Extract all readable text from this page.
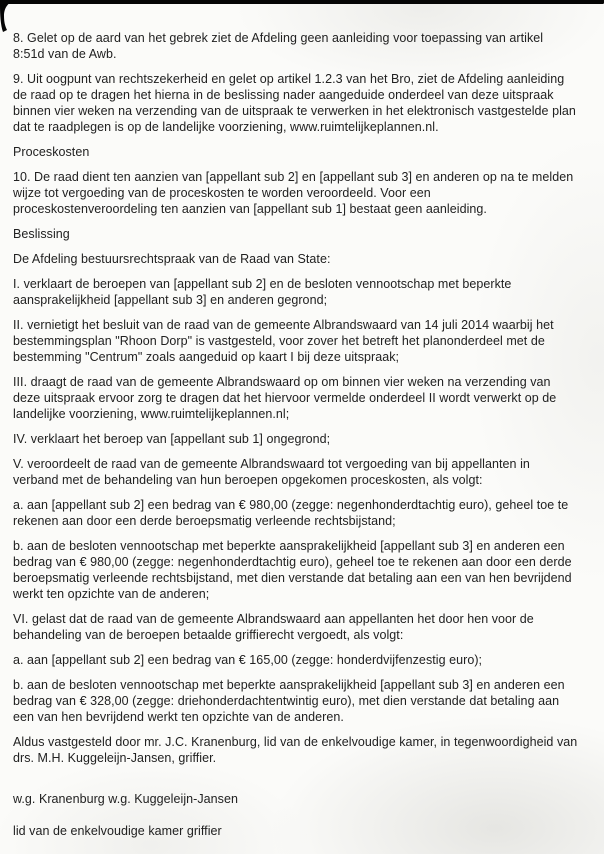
8. Gelet op de aard van het gebrek ziet de Afdeling geen aanleiding voor toepassing van artikel 8:51d van de Awb.

9. Uit oogpunt van rechtszekerheid en gelet op artikel 1.2.3 van het Bro, ziet de Afdeling aanleiding de raad op te dragen het hierna in de beslissing nader aangeduide onderdeel van deze uitspraak binnen vier weken na verzending van de uitspraak te verwerken in het elektronisch vastgestelde plan dat te raadplegen is op de landelijke voorziening, www.ruimtelijkeplannen.nl.

Proceskosten

10. De raad dient ten aanzien van [appellant sub 2] en [appellant sub 3] en anderen op na te melden wijze tot vergoeding van de proceskosten te worden veroordeeld. Voor een proceskostenveroordeling ten aanzien van [appellant sub 1] bestaat geen aanleiding.

Beslissing

De Afdeling bestuursrechtspraak van de Raad van State:

I. verklaart de beroepen van [appellant sub 2] en de besloten vennootschap met beperkte aansprakelijkheid [appellant sub 3] en anderen gegrond;

II. vernietigt het besluit van de raad van de gemeente Albrandswaard van 14 juli 2014 waarbij het bestemmingsplan "Rhoon Dorp" is vastgesteld, voor zover het betreft het planonderdeel met de bestemming "Centrum" zoals aangeduid op kaart I bij deze uitspraak;

III. draagt de raad van de gemeente Albrandswaard op om binnen vier weken na verzending van deze uitspraak ervoor zorg te dragen dat het hiervoor vermelde onderdeel II wordt verwerkt op de landelijke voorziening, www.ruimtelijkeplannen.nl;

IV. verklaart het beroep van [appellant sub 1] ongegrond;

V. veroordeelt de raad van de gemeente Albrandswaard tot vergoeding van bij appellanten in verband met de behandeling van hun beroepen opgekomen proceskosten, als volgt:

a. aan [appellant sub 2] een bedrag van € 980,00 (zegge: negenhonderdtachtig euro), geheel toe te rekenen aan door een derde beroepsmatig verleende rechtsbijstand;

b. aan de besloten vennootschap met beperkte aansprakelijkheid [appellant sub 3] en anderen een bedrag van € 980,00 (zegge: negenhonderdtachtig euro), geheel toe te rekenen aan door een derde beroepsmatig verleende rechtsbijstand, met dien verstande dat betaling aan een van hen bevrijdend werkt ten opzichte van de anderen;

VI. gelast dat de raad van de gemeente Albrandswaard aan appellanten het door hen voor de behandeling van de beroepen betaalde griffierecht vergoedt, als volgt:

a. aan [appellant sub 2] een bedrag van € 165,00 (zegge: honderdvijfenzestig euro);

b. aan de besloten vennootschap met beperkte aansprakelijkheid [appellant sub 3] en anderen een bedrag van € 328,00 (zegge: driehonderdachtentwintig euro), met dien verstande dat betaling aan een van hen bevrijdend werkt ten opzichte van de anderen.

Aldus vastgesteld door mr. J.C. Kranenburg, lid van de enkelvoudige kamer, in tegenwoordigheid van drs. M.H. Kuggeleijn-Jansen, griffier.

w.g. Kranenburg w.g. Kuggeleijn-Jansen

lid van de enkelvoudige kamer griffier
